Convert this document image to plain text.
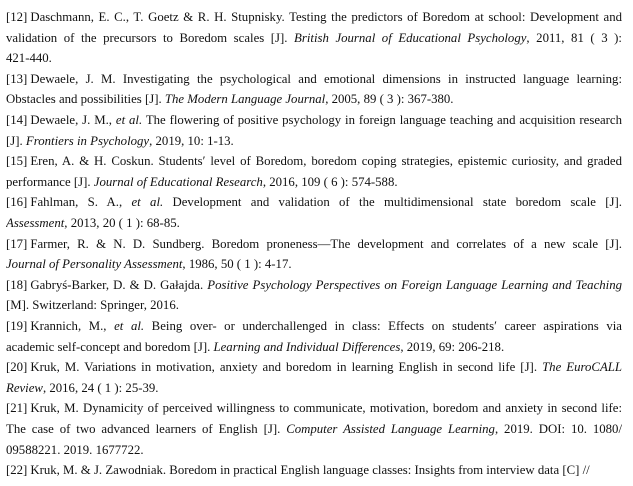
[12] Daschmann, E. C., T. Goetz & R. H. Stupnisky. Testing the predictors of Boredom at school: Development and
validation of the precursors to Boredom scales [J]. British Journal of Educational Psychology, 2011, 81 ( 3 ):
421-440.
[13] Dewaele, J. M. Investigating the psychological and emotional dimensions in instructed language learning:
Obstacles and possibilities [J]. The Modern Language Journal, 2005, 89 ( 3 ): 367-380.
[14] Dewaele, J. M., et al. The flowering of positive psychology in foreign language teaching and acquisition research
[J]. Frontiers in Psychology, 2019, 10: 1-13.
[15] Eren, A. & H. Coskun. Students′ level of Boredom, boredom coping strategies, epistemic curiosity, and graded
performance [J]. Journal of Educational Research, 2016, 109 ( 6 ): 574-588.
[16] Fahlman, S. A., et al. Development and validation of the multidimensional state boredom scale [J].
Assessment, 2013, 20 ( 1 ): 68-85.
[17] Farmer, R. & N. D. Sundberg. Boredom proneness—The development and correlates of a new scale [J].
Journal of Personality Assessment, 1986, 50 ( 1 ): 4-17.
[18] Gabryś-Barker, D. & D. Gałajda. Positive Psychology Perspectives on Foreign Language Learning and Teaching
[M]. Switzerland: Springer, 2016.
[19] Krannich, M., et al. Being over- or underchallenged in class: Effects on students′ career aspirations via
academic self-concept and boredom [J]. Learning and Individual Differences, 2019, 69: 206-218.
[20] Kruk, M. Variations in motivation, anxiety and boredom in learning English in second life [J]. The EuroCALL
Review, 2016, 24 ( 1 ): 25-39.
[21] Kruk, M. Dynamicity of perceived willingness to communicate, motivation, boredom and anxiety in second life:
The case of two advanced learners of English [J]. Computer Assisted Language Learning, 2019. DOI: 10. 1080/
09588221. 2019. 1677722.
[22] Kruk, M. & J. Zawodniak. Boredom in practical English language classes: Insights from interview data [C] //
